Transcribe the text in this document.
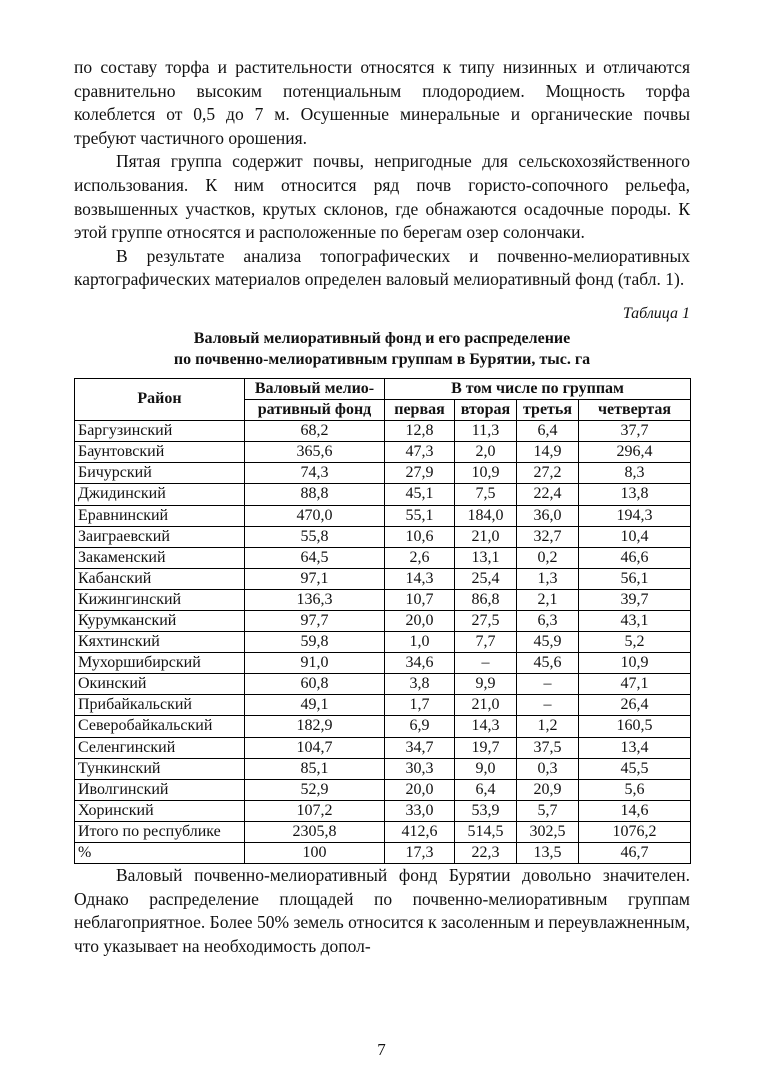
по составу торфа и растительности относятся к типу низинных и отличаются сравнительно высоким потенциальным плодородием. Мощность торфа колеблется от 0,5 до 7 м. Осушенные минеральные и органические почвы требуют частичного орошения.

Пятая группа содержит почвы, непригодные для сельскохозяйственного использования. К ним относится ряд почв гористо-сопочного рельефа, возвышенных участков, крутых склонов, где обнажаются осадочные породы. К этой группе относятся и расположенные по берегам озер солончаки.

В результате анализа топографических и почвенно-мелиоративных картографических материалов определен валовый мелиоративный фонд (табл. 1).

Таблица 1
Валовый мелиоративный фонд и его распределение
по почвенно-мелиоративным группам в Бурятии, тыс. га
Район	Валовый мелио-	В том числе по группам			
	ративный фонд	первая	вторая	третья	четвертая
Баргузинский	68,2	12,8	11,3	6,4	37,7
Баунтовский	365,6	47,3	2,0	14,9	296,4
Бичурский	74,3	27,9	10,9	27,2	8,3
Джидинский	88,8	45,1	7,5	22,4	13,8
Еравнинский	470,0	55,1	184,0	36,0	194,3
Заиграевский	55,8	10,6	21,0	32,7	10,4
Закаменский	64,5	2,6	13,1	0,2	46,6
Кабанский	97,1	14,3	25,4	1,3	56,1
Кижингинский	136,3	10,7	86,8	2,1	39,7
Курумканский	97,7	20,0	27,5	6,3	43,1
Кяхтинский	59,8	1,0	7,7	45,9	5,2
Мухоршибирский	91,0	34,6	–	45,6	10,9
Окинский	60,8	3,8	9,9	–	47,1
Прибайкальский	49,1	1,7	21,0	–	26,4
Северобайкальский	182,9	6,9	14,3	1,2	160,5
Селенгинский	104,7	34,7	19,7	37,5	13,4
Тункинский	85,1	30,3	9,0	0,3	45,5
Иволгинский	52,9	20,0	6,4	20,9	5,6
Хоринский	107,2	33,0	53,9	5,7	14,6
Итого по республике	2305,8	412,6	514,5	302,5	1076,2
%	100	17,3	22,3	13,5	46,7

Валовый почвенно-мелиоративный фонд Бурятии довольно значителен. Однако распределение площадей по почвенно-мелиоративным группам неблагоприятное. Более 50% земель относится к засоленным и переувлажненным, что указывает на необходимость допол-

7
